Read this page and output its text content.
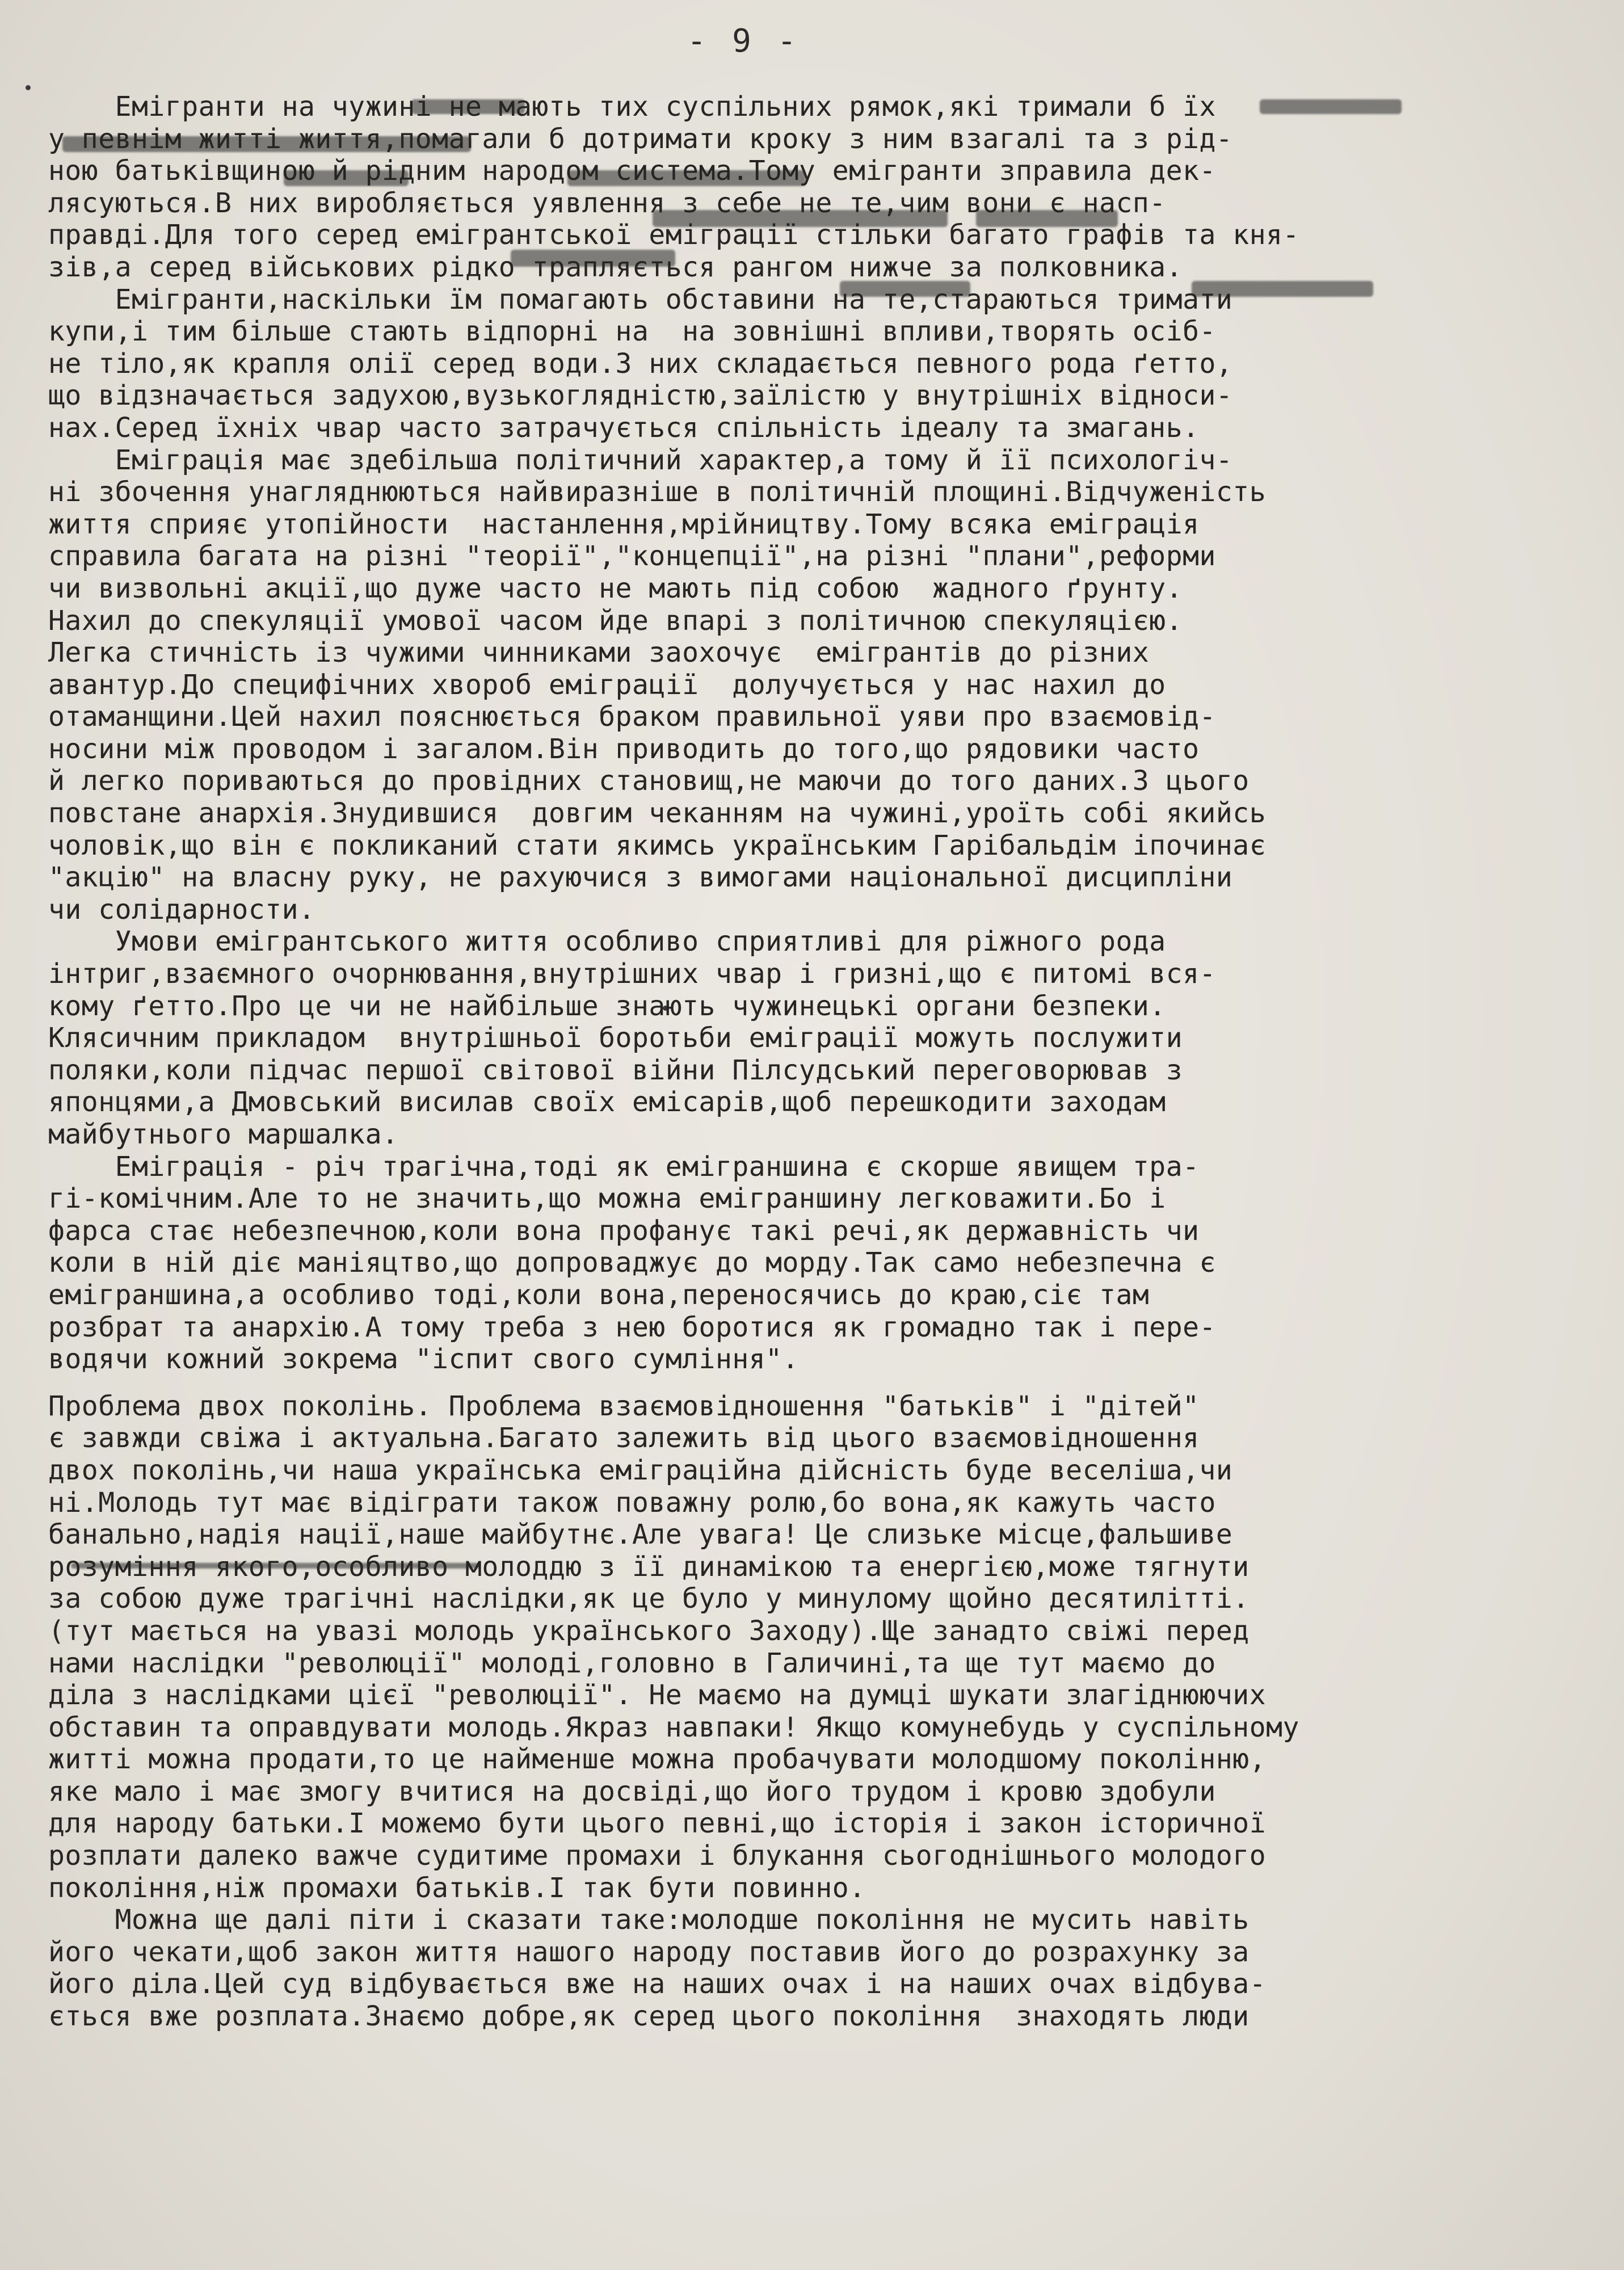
- 9 -
Емігранти на чужині не мають тих суспільних рямок,які тримали б їх
у певнім житті життя,помагали б дотримати кроку з ним взагалі та з рід-
ною батьківщиною й рідним народом система.Тому емігранти зправила дек-
лясуються.В них виробляється уявлення з себе не те,чим вони є насп-
правді.Для того серед емігрантської еміграції стільки багато графів та кня-
зів,а серед військових рідко трапляється рангом нижче за полковника.
Емігранти,наскільки їм помагають обставини на те,стараються тримати
купи,і тим більше стають відпорні на  на зовнішні впливи,творять осіб-
не тіло,як крапля олії серед води.З них складається певного рода ґетто,
що відзначається задухою,вузькоглядністю,заїлістю у внутрішніх відноси-
нах.Серед їхніх чвар часто затрачується спільність ідеалу та змагань.
Еміграція має здебільша політичний характер,а тому й її психологіч-
ні збочення унагляднюються найвиразніше в політичній площині.Відчуженість
життя сприяє утопійности  настанлення,мрійництву.Тому всяка еміграція
справила багата на різні "теорії","концепції",на різні "плани",реформи
чи визвольні акції,що дуже часто не мають під собою  жадного ґрунту.
Нахил до спекуляції умової часом йде впарі з політичною спекуляцією.
Легка стичність із чужими чинниками заохочує  емігрантів до різних
авантур.До специфічних хвороб еміграції  долучується у нас нахил до
отаманщини.Цей нахил пояснюється браком правильної уяви про взаємовід-
носини між проводом і загалом.Він приводить до того,що рядовики часто
й легко пориваються до провідних становищ,не маючи до того даних.З цього
повстане анархія.Знудившися  довгим чеканням на чужині,уроїть собі якийсь
чоловік,що він є покликаний стати якимсь українським Гарібальдім іпочинає
"акцію" на власну руку, не рахуючися з вимогами національної дисципліни
чи солідарности.
Умови емігрантського життя особливо сприятливі для ріжного рода
інтриг,взаємного очорнювання,внутрішних чвар і гризні,що є питомі вся-
кому ґетто.Про це чи не найбільше знають чужинецькі органи безпеки.
Клясичним прикладом  внутрішньої боротьби еміграції можуть послужити
поляки,коли підчас першої світової війни Пілсудський переговорював з
японцями,а Дмовський висилав своїх емісарів,щоб перешкодити заходам
майбутнього маршалка.
Еміграція - річ трагічна,тоді як еміграншина є скорше явищем тра-
гі-комічним.Але то не значить,що можна еміграншину легковажити.Бо і
фарса стає небезпечною,коли вона профанує такі речі,як державність чи
коли в ній діє маніяцтво,що допроваджує до морду.Так само небезпечна є
еміграншина,а особливо тоді,коли вона,переносячись до краю,сіє там
розбрат та анархію.А тому треба з нею боротися як громадно так і пере-
водячи кожний зокрема "іспит свого сумління".
Проблема двох поколінь. Проблема взаємовідношення "батьків" і "дітей"
є завжди свіжа і актуальна.Багато залежить від цього взаємовідношення
двох поколінь,чи наша українська еміграційна дійсність буде веселіша,чи
ні.Молодь тут має відіграти також поважну ролю,бо вона,як кажуть часто
банально,надія нації,наше майбутнє.Але увага! Це слизьке місце,фальшиве
розуміння якого,особливо молоддю з її динамікою та енергією,може тягнути
за собою дуже трагічні наслідки,як це було у минулому щойно десятилітті.
(тут мається на увазі молодь українського Заходу).Ще занадто свіжі перед
нами наслідки "революції" молоді,головно в Галичині,та ще тут маємо до
діла з наслідками цієї "революції". Не маємо на думці шукати злагіднюючих
обставин та оправдувати молодь.Якраз навпаки! Якщо комунебудь у суспільному
житті можна продати,то це найменше можна пробачувати молодшому поколінню,
яке мало і має змогу вчитися на досвіді,що його трудом і кровю здобули
для народу батьки.І можемо бути цього певні,що історія і закон історичної
розплати далеко важче судитиме промахи і блукання сьогоднішнього молодого
покоління,ніж промахи батьків.І так бути повинно.
Можна ще далі піти і сказати таке:молодше покоління не мусить навіть
його чекати,щоб закон життя нашого народу поставив його до розрахунку за
його діла.Цей суд відбувається вже на наших очах і на наших очах відбува-
ється вже розплата.Знаємо добре,як серед цього покоління  знаходять люди
